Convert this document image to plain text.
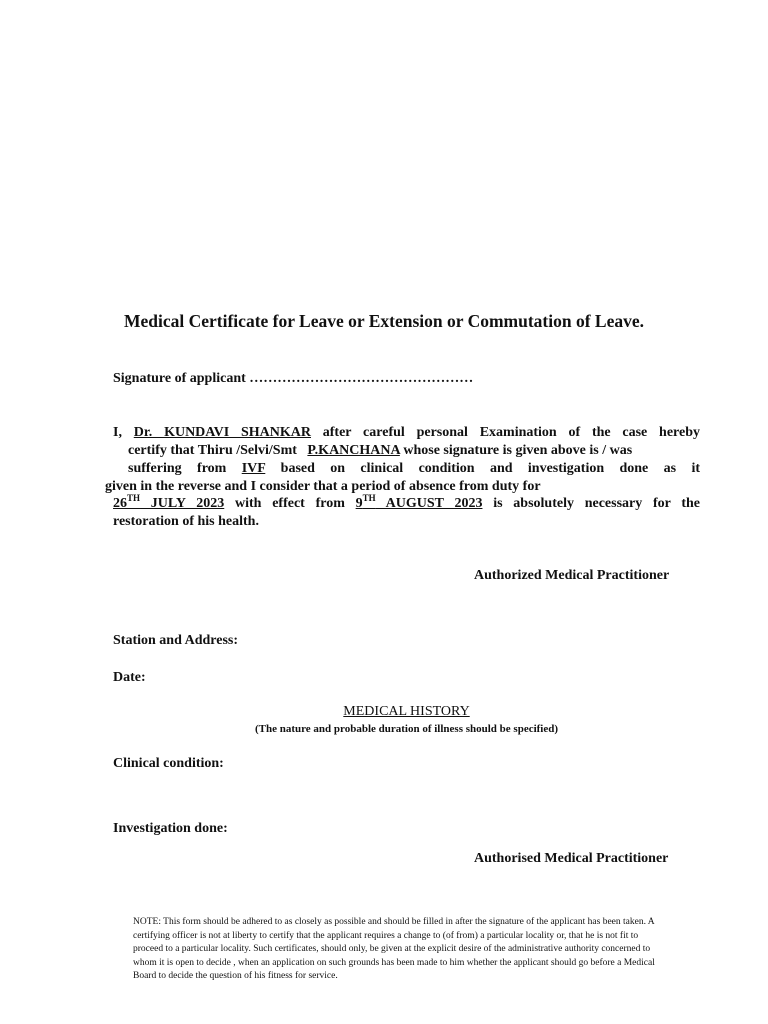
Medical Certificate for Leave or Extension or Commutation of Leave.
Signature of applicant …………………………………………
I, Dr. KUNDAVI SHANKAR after careful personal Examination of the case hereby
certify that Thiru /Selvi/Smt P.KANCHANA whose signature is given above is / was
suffering from IVF based on clinical condition and investigation done as it
given in the reverse and I consider that a period of absence from duty for
26TH JULY 2023 with effect from 9TH AUGUST 2023 is absolutely necessary for the
restoration of his health.
Authorized Medical Practitioner
Station and Address:
Date:
MEDICAL HISTORY
(The nature and probable duration of illness should be specified)
Clinical condition:
Investigation done:
Authorised Medical Practitioner
NOTE: This form should be adhered to as closely as possible and should be filled in after the signature of the applicant has been taken. A certifying officer is not at liberty to certify that the applicant requires a change to (of from) a particular locality or, that he is not fit to proceed to a particular locality. Such certificates, should only, be given at the explicit desire of the administrative authority concerned to whom it is open to decide , when an application on such grounds has been made to him whether the applicant should go before a Medical Board to decide the question of his fitness for service.
